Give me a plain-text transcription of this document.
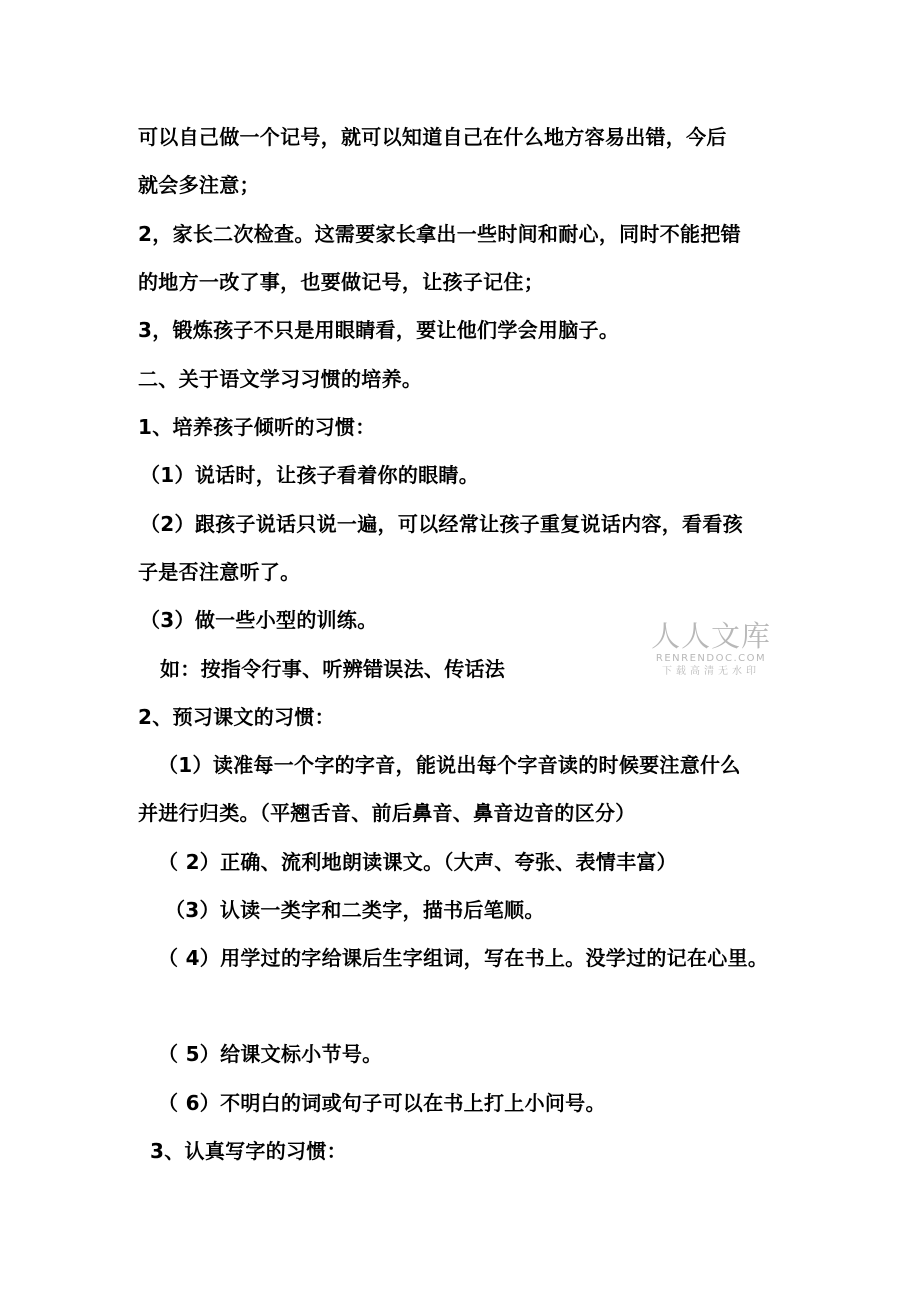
可以自己做一个记号，就可以知道自己在什么地方容易出错，今后
就会多注意；
2，家长二次检查。这需要家长拿出一些时间和耐心，同时不能把错
的地方一改了事，也要做记号，让孩子记住；
3，锻炼孩子不只是用眼睛看，要让他们学会用脑子。
二、关于语文学习习惯的培养。
1、培养孩子倾听的习惯：
（1）说话时，让孩子看着你的眼睛。
（2）跟孩子说话只说一遍，可以经常让孩子重复说话内容，看看孩
子是否注意听了。
（3）做一些小型的训练。
如：按指令行事、听辨错误法、传话法
2、预习课文的习惯：
（1）读准每一个字的字音，能说出每个字音读的时候要注意什么
并进行归类。（平翘舌音、前后鼻音、鼻音边音的区分）
（ 2）正确、流利地朗读课文。（大声、夸张、表情丰富）
（3）认读一类字和二类字，描书后笔顺。
（ 4）用学过的字给课后生字组词，写在书上。没学过的记在心里。
（ 5）给课文标小节号。
（ 6）不明白的词或句子可以在书上打上小问号。
3、认真写字的习惯：
人人文库
RENRENDOC.COM
下载高清无水印
